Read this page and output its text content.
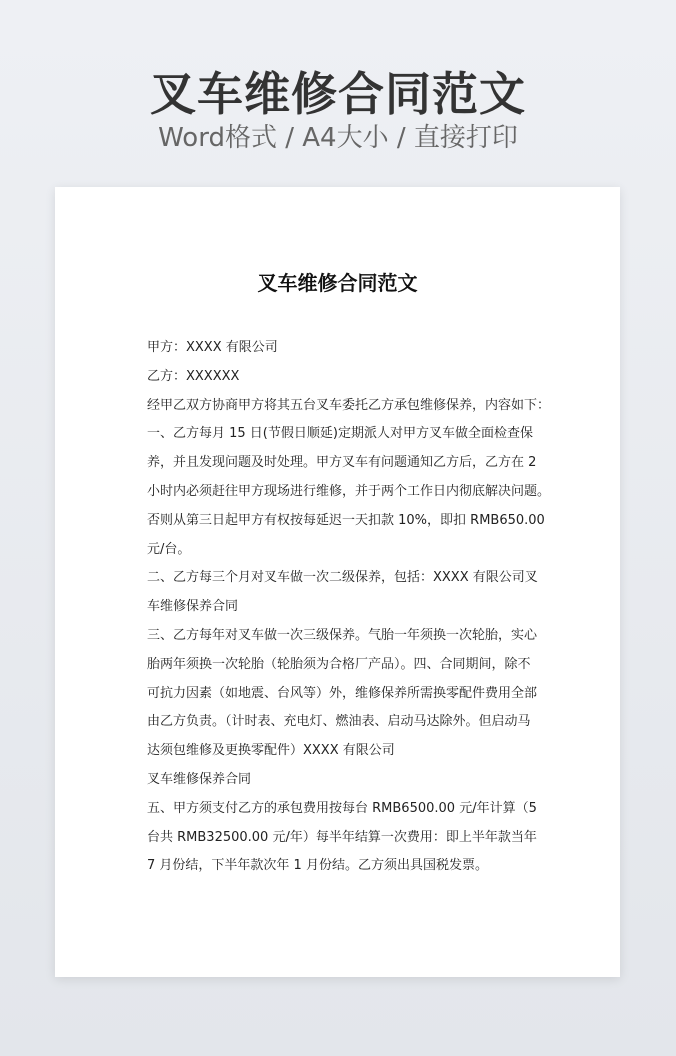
叉车维修合同范文
Word格式 / A4大小 / 直接打印
叉车维修合同范文
甲方：XXXX 有限公司
乙方：XXXXXX
经甲乙双方协商甲方将其五台叉车委托乙方承包维修保养，内容如下：
一、乙方每月 15 日(节假日顺延)定期派人对甲方叉车做全面检查保
养，并且发现问题及时处理。甲方叉车有问题通知乙方后，乙方在 2
小时内必须赶往甲方现场进行维修，并于两个工作日内彻底解决问题。
否则从第三日起甲方有权按每延迟一天扣款 10%，即扣 RMB650.00
元/台。
二、乙方每三个月对叉车做一次二级保养，包括：XXXX 有限公司叉
车维修保养合同
三、乙方每年对叉车做一次三级保养。气胎一年须换一次轮胎，实心
胎两年须换一次轮胎（轮胎须为合格厂产品）。四、合同期间，除不
可抗力因素（如地震、台风等）外，维修保养所需换零配件费用全部
由乙方负责。（计时表、充电灯、燃油表、启动马达除外。但启动马
达须包维修及更换零配件）XXXX 有限公司
叉车维修保养合同
五、甲方须支付乙方的承包费用按每台 RMB6500.00 元/年计算（5
台共 RMB32500.00 元/年）每半年结算一次费用：即上半年款当年
7 月份结，下半年款次年 1 月份结。乙方须出具国税发票。
